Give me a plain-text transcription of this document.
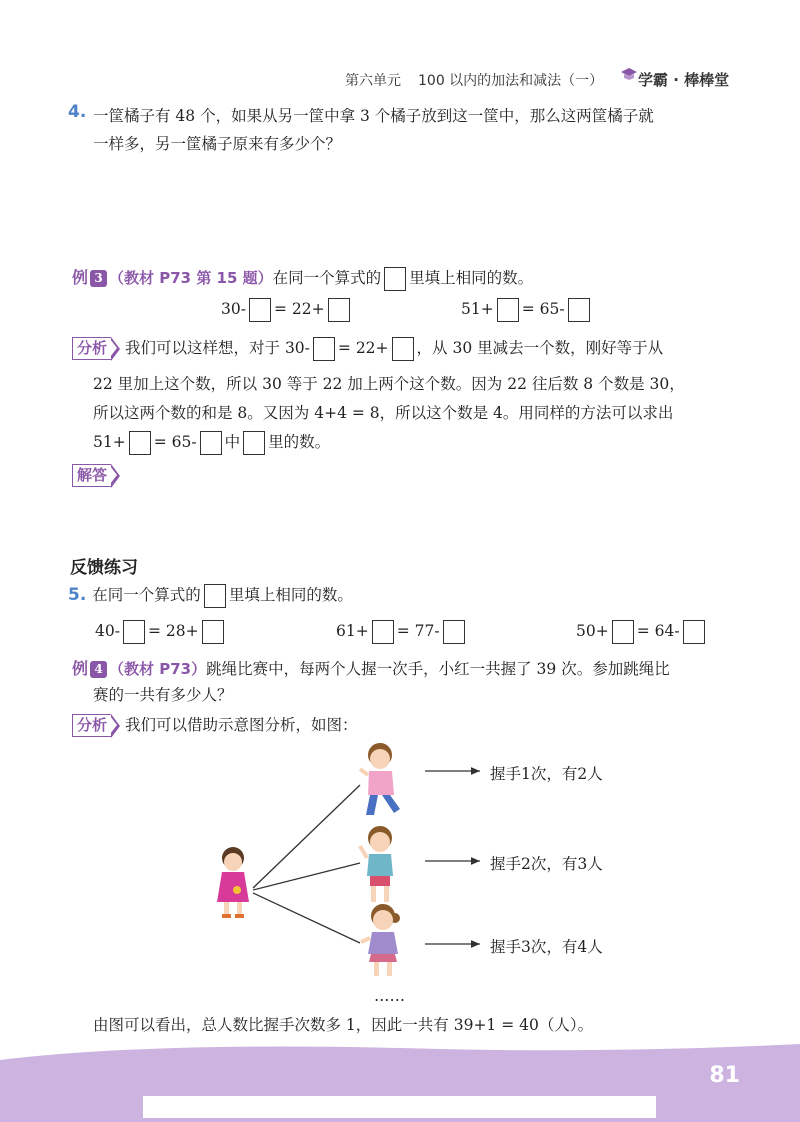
第六单元 100 以内的加法和减法（一） 学霸 · 棒棒堂
4. 一筐橘子有 48 个，如果从另一筐中拿 3 个橘子放到这一筐中，那么这两筐橘子就
一样多，另一筐橘子原来有多少个？
例 3 （教材 P73 第 15 题）在同一个算式的 里填上相同的数。
30- = 22+	51+ = 65-
分析 我们可以这样想，对于 30- = 22+ ，从 30 里减去一个数，刚好等于从
22 里加上这个数，所以 30 等于 22 加上两个这个数。因为 22 往后数 8 个数是 30，
所以这两个数的和是 8。又因为 4+4 = 8，所以这个数是 4。用同样的方法可以求出
51+ = 65- 中 里的数。
解答
反馈练习
5. 在同一个算式的 里填上相同的数。
40- = 28+	61+ = 77-	50+ = 64-
例 4 （教材 P73）跳绳比赛中，每两个人握一次手，小红一共握了 39 次。参加跳绳比
赛的一共有多少人？
分析 我们可以借助示意图分析，如图：
握手1次，有2人
握手2次，有3人
握手3次，有4人
……
由图可以看出，总人数比握手次数多 1，因此一共有 39+1 = 40（人）。
81
